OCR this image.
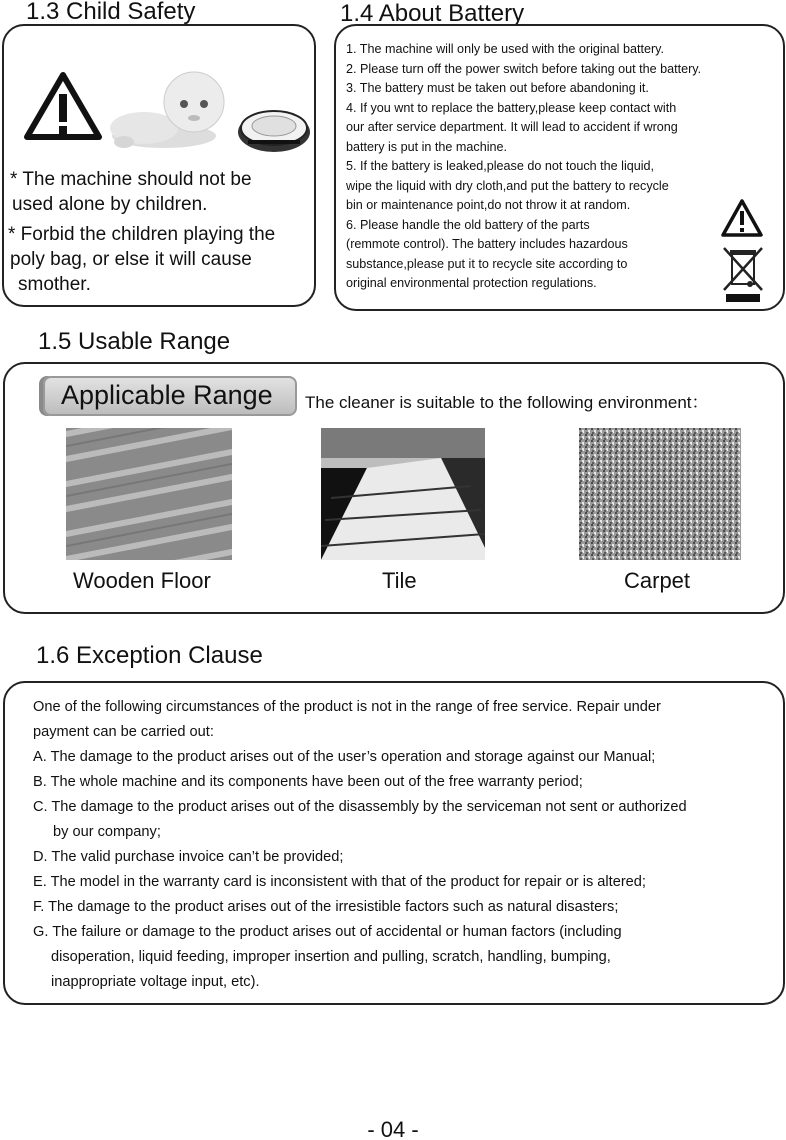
1.3 Child Safety
* The machine should not be
used alone by children.
* Forbid the children playing the
poly bag, or else it will cause
smother.
1.4 About Battery
1. The machine will only be used with the original battery.
2. Please turn off the power switch before taking out the battery.
3. The battery must be taken out before abandoning it.
4. If you wnt to replace the battery,please keep contact with
our after service department. It will lead to accident if wrong
battery is put in the machine.
5. If the battery is leaked,please do not touch the liquid,
wipe the liquid with dry cloth,and put the battery to recycle
bin or maintenance point,do not throw it at random.
6. Please handle the old battery of the parts
(remmote control). The battery includes hazardous
substance,please put it to recycle site according to
original environmental protection regulations.
1.5 Usable Range
Applicable Range	The cleaner is suitable to the following environment：
Wooden Floor	Tile	Carpet
1.6 Exception Clause
One of the following circumstances of the product is not in the range of free service. Repair under
payment can be carried out:
A. The damage to the product arises out of the user’s operation and storage against our Manual;
B. The whole machine and its components have been out of the free warranty period;
C. The damage to the product arises out of the disassembly by the serviceman not sent or authorized
by our company;
D. The valid purchase invoice can’t be provided;
E. The model in the warranty card is inconsistent with that of the product for repair or is altered;
F. The damage to the product arises out of the irresistible factors such as natural disasters;
G. The failure or damage to the product arises out of accidental or human factors (including
disoperation, liquid feeding, improper insertion and pulling, scratch, handling, bumping,
inappropriate voltage input, etc).
- 04 -
